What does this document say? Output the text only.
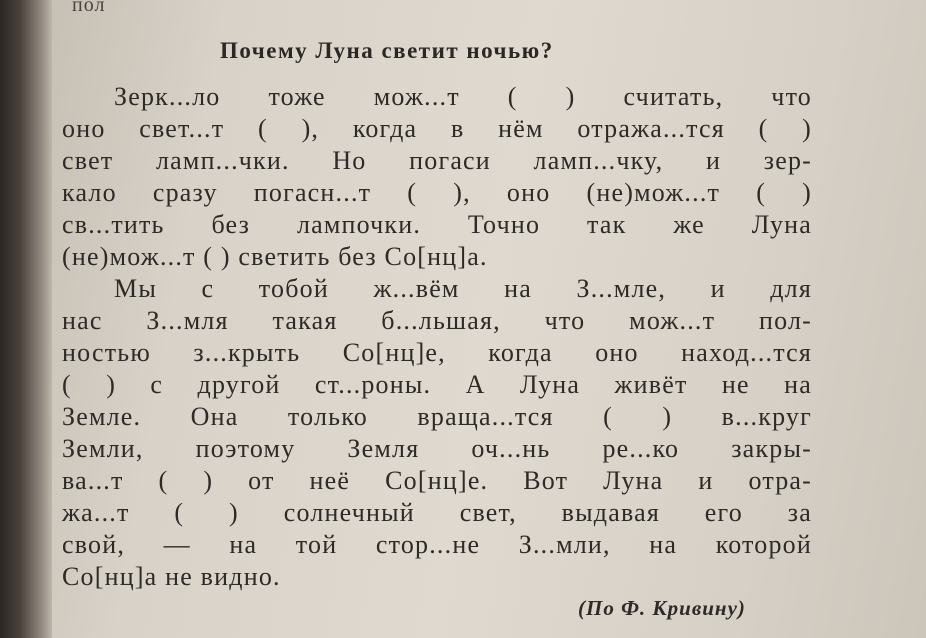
пол
Почему Луна светит ночью?
Зерк...ло тоже мож...т ( ) считать, что
оно свет...т ( ), когда в нём отража...тся ( )
свет ламп...чки. Но погаси ламп...чку, и зер-
кало сразу погасн...т ( ), оно (не)мож...т ( )
св...тить без лампочки. Точно так же Луна
(не)мож...т ( ) светить без Со[нц]а.
Мы с тобой ж...вём на З...мле, и для
нас З...мля такая б...льшая, что мож...т пол-
ностью з...крыть Со[нц]е, когда оно наход...тся
( ) с другой ст...роны. А Луна живёт не на
Земле. Она только враща...тся ( ) в...круг
Земли, поэтому Земля оч...нь ре...ко закры-
ва...т ( ) от неё Со[нц]е. Вот Луна и отра-
жа...т ( ) солнечный свет, выдавая его за
свой, — на той стор...не З...мли, на которой
Со[нц]а не видно.
(По Ф. Кривину)
